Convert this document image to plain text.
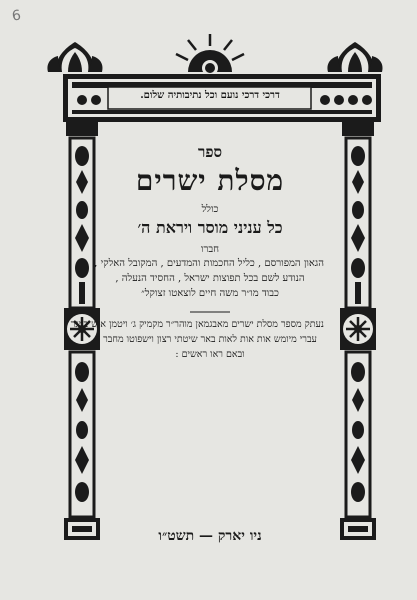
6
דרכי דרכי נועם וכל נתיבותיה שלום.
ספר
מסלת ישרים
כולל
כל עניני מוסר ויראת ה׳
חברו
הגאון המפורסם , כליל החכמות והמדעים , המקובל האלקי ,
הנודע לשם בכל תפוצות ישראל , החסיד הנעלה ,
כבוד מו״ר משה חיים לוצאטו זצוקל״
נעתק מספר מסלת ישרים מאבגמאן מוהר״ר מקמיק ג׳ ויטמן איש בייגר
עברי מיומש אות אות לאות באר שיטתי רצון וישפוטו מחבר
ובאם ראו ראשים :
ניו יארק — תשט״ו
